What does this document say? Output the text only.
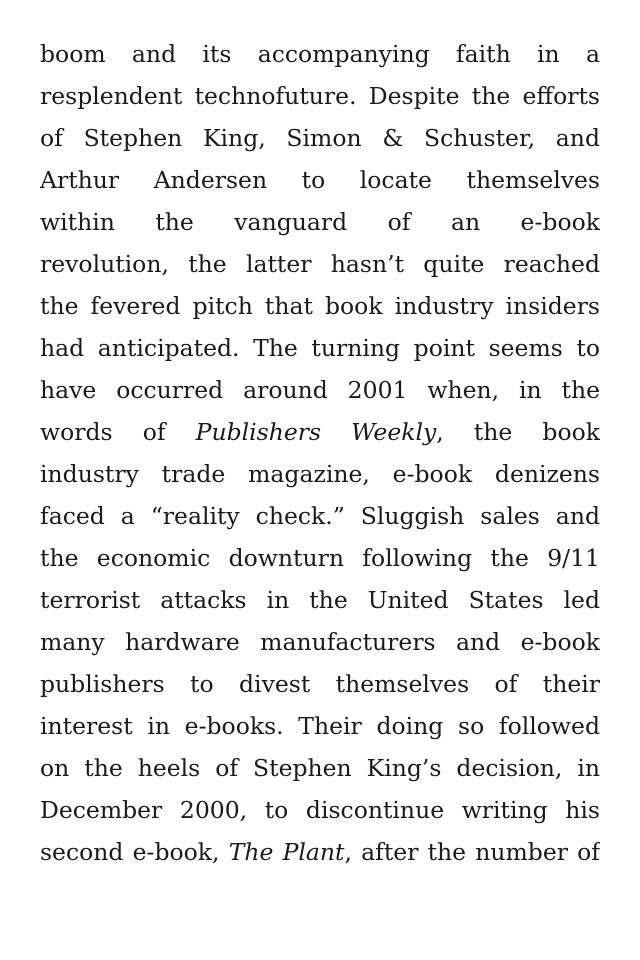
boom and its accompanying faith in a
resplendent technofuture. Despite the efforts
of Stephen King, Simon & Schuster, and
Arthur Andersen to locate themselves
within the vanguard of an e-book
revolution, the latter hasn’t quite reached
the fevered pitch that book industry insiders
had anticipated. The turning point seems to
have occurred around 2001 when, in the
words of Publishers Weekly, the book
industry trade magazine, e-book denizens
faced a “reality check.” Sluggish sales and
the economic downturn following the 9/11
terrorist attacks in the United States led
many hardware manufacturers and e-book
publishers to divest themselves of their
interest in e-books. Their doing so followed
on the heels of Stephen King’s decision, in
December 2000, to discontinue writing his
second e-book, The Plant, after the number of
